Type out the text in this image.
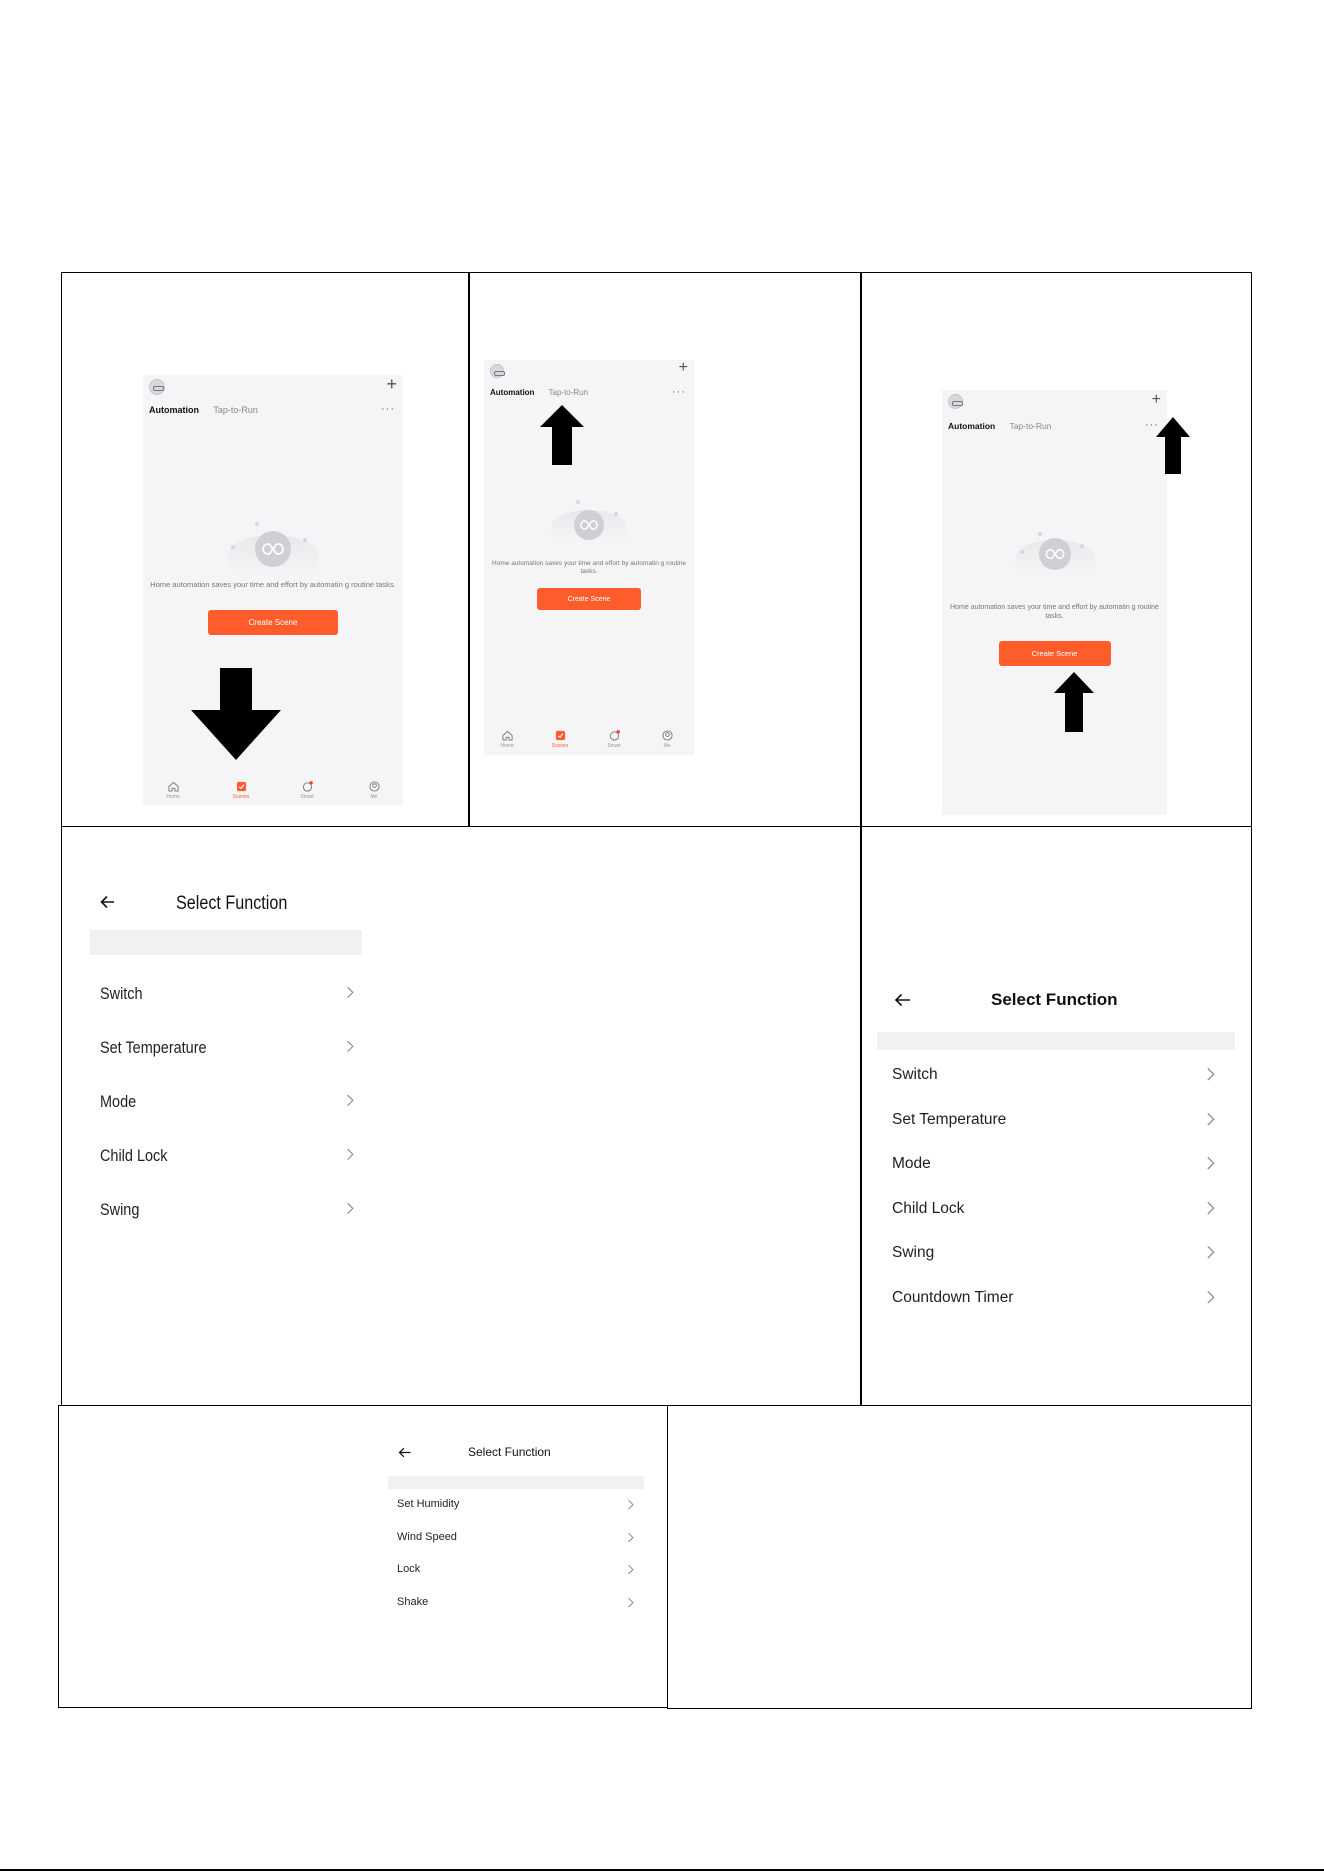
+
Automation Tap-to-Run	···
Home automation saves your time and effort by automatin g routine tasks.
Create Scene
Home	Scenes	Smart	Me
+
Automation Tap-to-Run	···
Home automation saves your time and effort by automatin g routine tasks.
Create Scene
Home	Scenes	Smart	Me
+
Automation Tap-to-Run	···
Home automation saves your time and effort by automatin g routine tasks.
Create Scene
Select Function
Switch
Set Temperature
Mode
Child Lock
Swing
Select Function
Switch
Set Temperature
Mode
Child Lock
Swing
Countdown Timer
Select Function
Set Humidity
Wind Speed
Lock
Shake
